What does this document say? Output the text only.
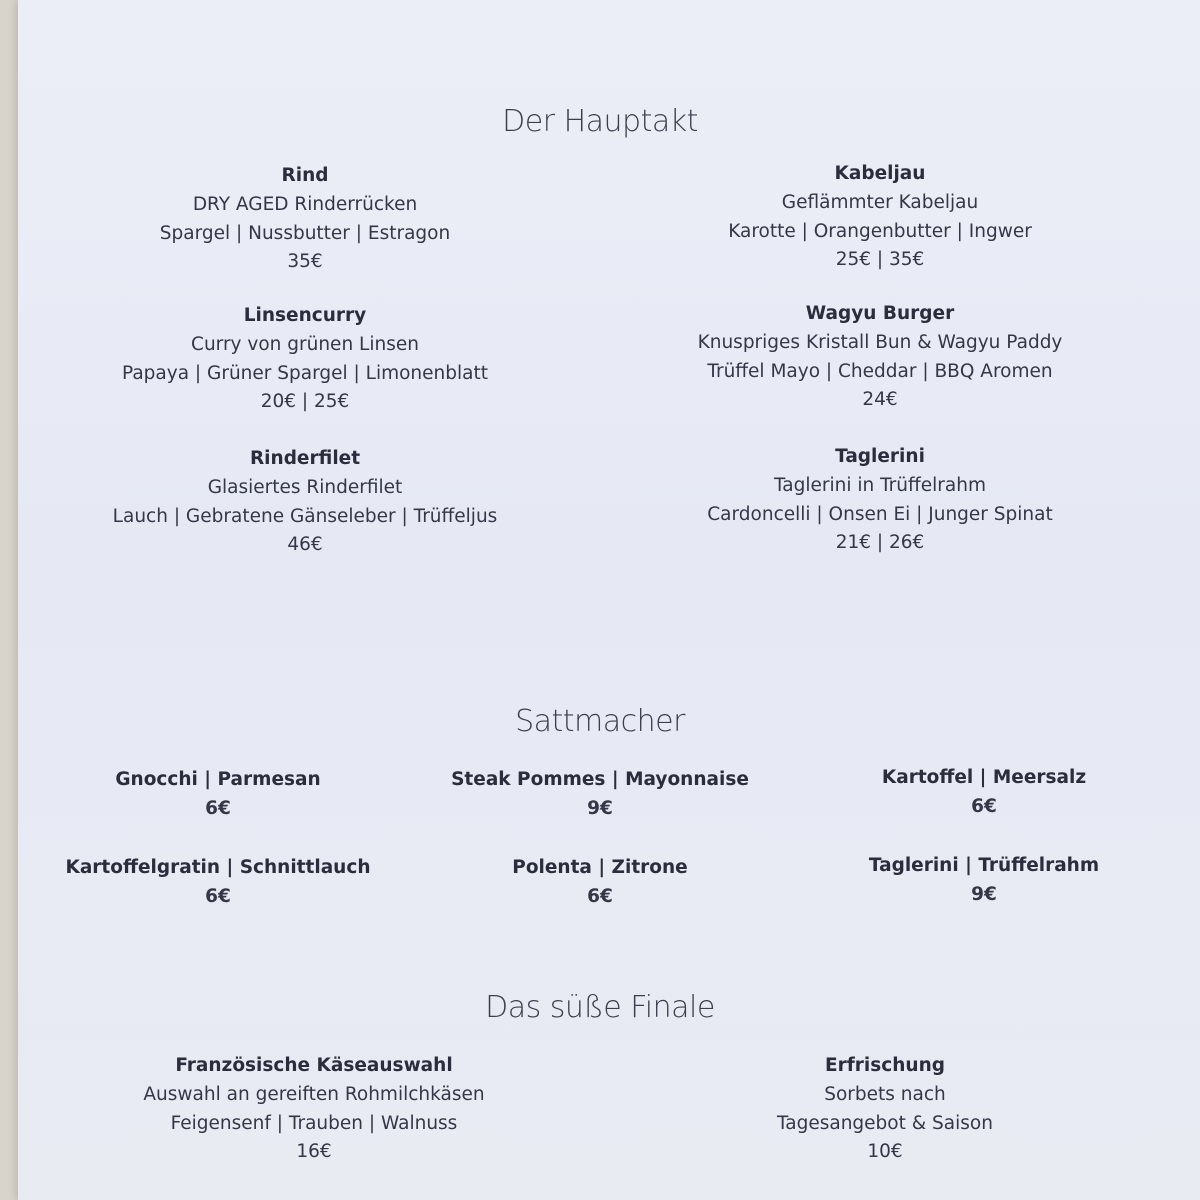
Der Hauptakt
Rind
DRY AGED Rinderrücken
Spargel | Nussbutter | Estragon
35€
Linsencurry
Curry von grünen Linsen
Papaya | Grüner Spargel | Limonenblatt
20€ | 25€
Rinderfilet
Glasiertes Rinderfilet
Lauch | Gebratene Gänseleber | Trüffeljus
46€
Kabeljau
Geflämmter Kabeljau
Karotte | Orangenbutter | Ingwer
25€ | 35€
Wagyu Burger
Knuspriges Kristall Bun & Wagyu Paddy
Trüffel Mayo | Cheddar | BBQ Aromen
24€
Taglerini
Taglerini in Trüffelrahm
Cardoncelli | Onsen Ei | Junger Spinat
21€ | 26€
Sattmacher
Gnocchi | Parmesan
6€
Steak Pommes | Mayonnaise
9€
Kartoffel | Meersalz
6€
Kartoffelgratin | Schnittlauch
6€
Polenta | Zitrone
6€
Taglerini | Trüffelrahm
9€
Das süße Finale
Französische Käseauswahl
Auswahl an gereiften Rohmilchkäsen
Feigensenf | Trauben | Walnuss
16€
Erfrischung
Sorbets nach
Tagesangebot & Saison
10€
